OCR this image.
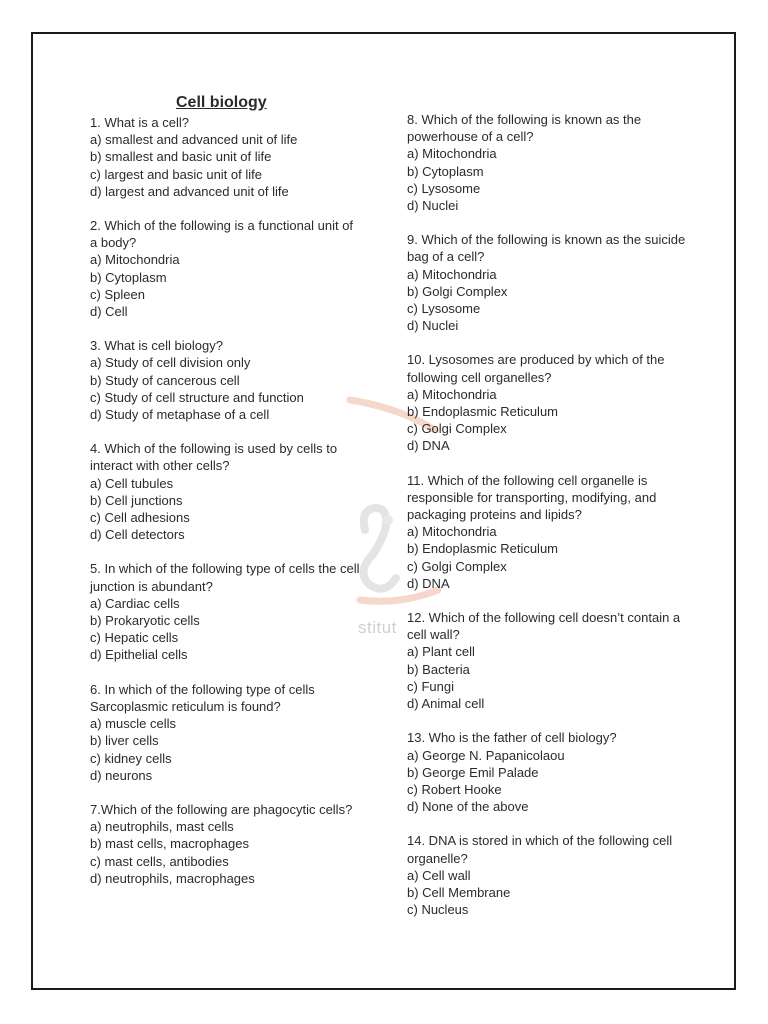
stitut
Cell biology
1. What is a cell?
a) smallest and advanced unit of life
b) smallest and basic unit of life
c) largest and basic unit of life
d) largest and advanced unit of life
2. Which of the following is a functional unit of a body?
a) Mitochondria
b) Cytoplasm
c) Spleen
d) Cell
3. What is cell biology?
a) Study of cell division only
b) Study of cancerous cell
c) Study of cell structure and function
d) Study of metaphase of a cell
4. Which of the following is used by cells to interact with other cells?
a) Cell tubules
b) Cell junctions
c) Cell adhesions
d) Cell detectors
5. In which of the following type of cells the cell junction is abundant?
a) Cardiac cells
b) Prokaryotic cells
c) Hepatic cells
d) Epithelial cells
6. In which of the following type of cells Sarcoplasmic reticulum is found?
a) muscle cells
b) liver cells
c) kidney cells
d) neurons
7.Which of the following are phagocytic cells?
a) neutrophils, mast cells
b) mast cells, macrophages
c) mast cells, antibodies
d) neutrophils, macrophages
8. Which of the following is known as the powerhouse of a cell?
a) Mitochondria
b) Cytoplasm
c) Lysosome
d) Nuclei
9. Which of the following is known as the suicide bag of a cell?
a) Mitochondria
b) Golgi Complex
c) Lysosome
d) Nuclei
10. Lysosomes are produced by which of the following cell organelles?
a) Mitochondria
b) Endoplasmic Reticulum
c) Golgi Complex
d) DNA
11. Which of the following cell organelle is responsible for transporting, modifying, and packaging proteins and lipids?
a) Mitochondria
b) Endoplasmic Reticulum
c) Golgi Complex
d) DNA
12. Which of the following cell doesn’t contain a cell wall?
a) Plant cell
b) Bacteria
c) Fungi
d) Animal cell
13. Who is the father of cell biology?
a) George N. Papanicolaou
b) George Emil Palade
c) Robert Hooke
d) None of the above
14. DNA is stored in which of the following cell organelle?
a) Cell wall
b) Cell Membrane
c) Nucleus
